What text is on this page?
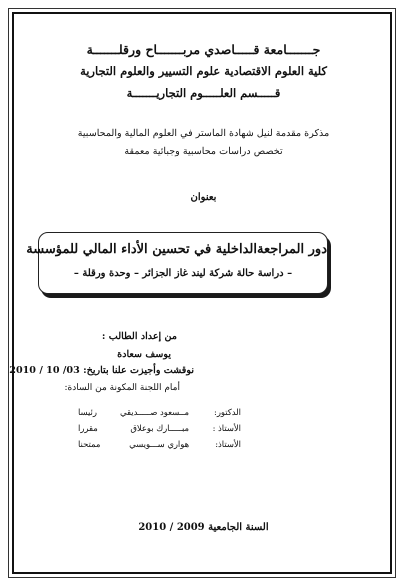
جـــــــامعة قـــــاصدي مربـــــــاح ورقلـــــــة
كلية العلوم الاقتصادية علوم التسيير والعلوم التجارية
قـــــسم العلـــــوم التجاريـــــــة
مذكرة مقدمة لنيل شهادة الماستر في العلوم المالية والمحاسبية
تخصص دراسات محاسبية وجبائية معمقة
بعنوان
دور المراجعةالداخلية في تحسين الأداء المالي للمؤسسة
– دراسة حالة شركة ليند غاز الجزائر – وحدة ورقلة –
من إعداد الطالب :
يوسف سعادة
نوقشت وأجيزت علنا بتاريخ: 03/ 10 / 2010
أمام اللجنة المكونة من السادة:
الدكتور:
مــسعود صـــــديقي
رئيسا
الأستاذ :
مبـــــارك بوعلاق
مقررا
الأستاذ:
هواري ســـويسي
ممتحنا
السنة الجامعية 2009 / 2010
